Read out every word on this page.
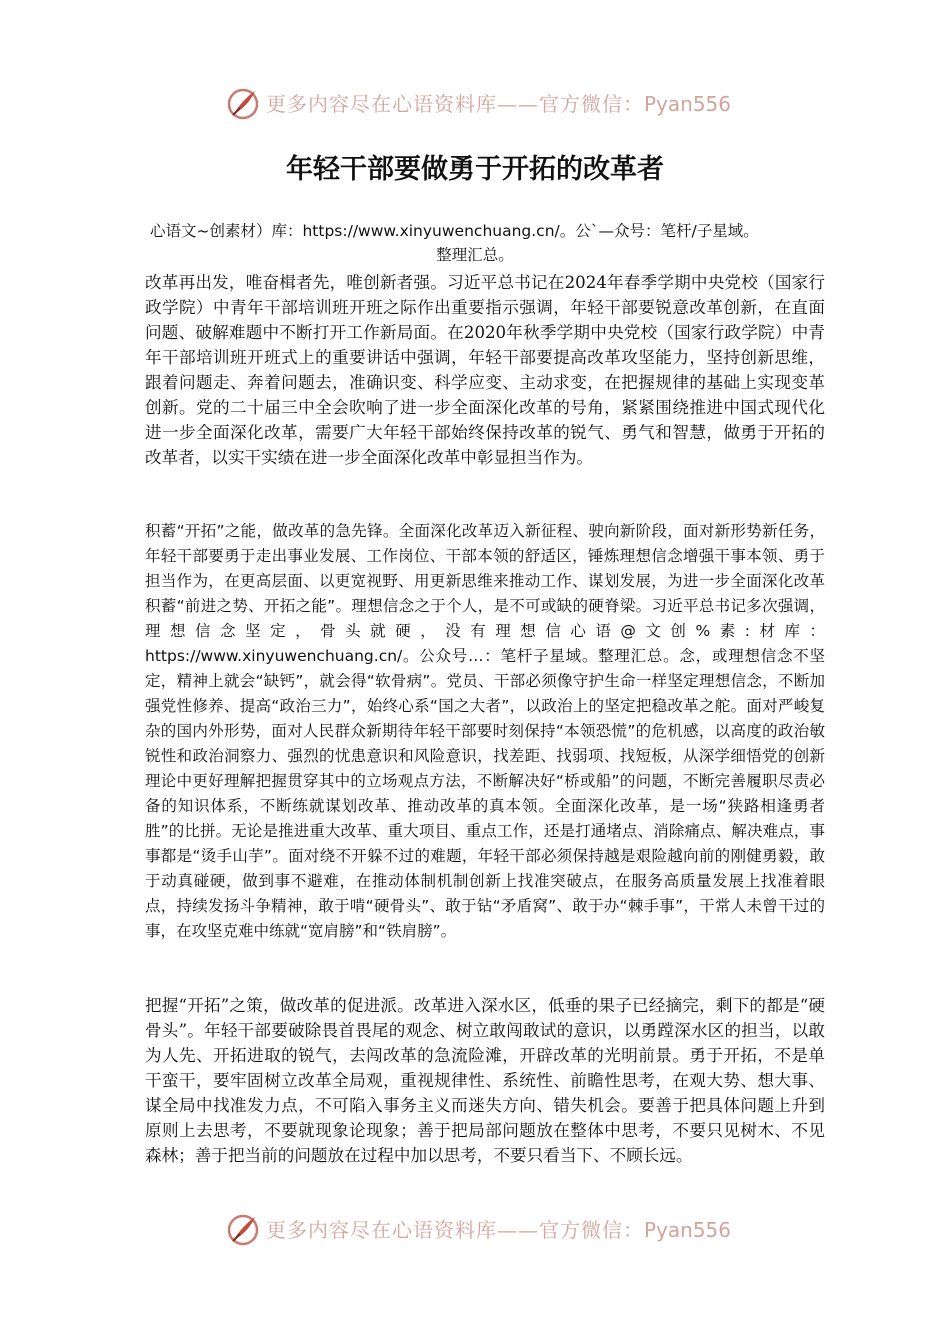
更多内容尽在心语资料库——官方微信：Pyan556
年轻干部要做勇于开拓的改革者
心语文~创素材）库：https://www.xinyuwenchuang.cn/。公`—众号：笔杆/子星域。
整理汇总。
改革再出发，唯奋楫者先，唯创新者强。习近平总书记在2024年春季学期中央党校（国家行政学院）中青年干部培训班开班之际作出重要指示强调，年轻干部要锐意改革创新，在直面问题、破解难题中不断打开工作新局面。在2020年秋季学期中央党校（国家行政学院）中青年干部培训班开班式上的重要讲话中强调，年轻干部要提高改革攻坚能力，坚持创新思维，跟着问题走、奔着问题去，准确识变、科学应变、主动求变，在把握规律的基础上实现变革创新。党的二十届三中全会吹响了进一步全面深化改革的号角，紧紧围绕推进中国式现代化进一步全面深化改革，需要广大年轻干部始终保持改革的锐气、勇气和智慧，做勇于开拓的改革者，以实干实绩在进一步全面深化改革中彰显担当作为。
积蓄“开拓”之能，做改革的急先锋。全面深化改革迈入新征程、驶向新阶段，面对新形势新任务，年轻干部要勇于走出事业发展、工作岗位、干部本领的舒适区，锤炼理想信念增强干事本领、勇于担当作为，在更高层面、以更宽视野、用更新思维来推动工作、谋划发展，为进一步全面深化改革积蓄“前进之势、开拓之能”。理想信念之于个人，是不可或缺的硬脊梁。习近平总书记多次强调，理想信念坚定，骨头就硬，没有理想信心语@文创%素:材库：https://www.xinyuwenchuang.cn/。公众号…：笔杆子星域。整理汇总。念，或理想信念不坚定，精神上就会“缺钙”，就会得“软骨病”。党员、干部必须像守护生命一样坚定理想信念，不断加强党性修养、提高“政治三力”，始终心系“国之大者”，以政治上的坚定把稳改革之舵。面对严峻复杂的国内外形势，面对人民群众新期待年轻干部要时刻保持“本领恐慌”的危机感，以高度的政治敏锐性和政治洞察力、强烈的忧患意识和风险意识，找差距、找弱项、找短板，从深学细悟党的创新理论中更好理解把握贯穿其中的立场观点方法，不断解决好“桥或船”的问题，不断完善履职尽责必备的知识体系，不断练就谋划改革、推动改革的真本领。全面深化改革，是一场“狭路相逢勇者胜”的比拼。无论是推进重大改革、重大项目、重点工作，还是打通堵点、消除痛点、解决难点，事事都是“烫手山芋”。面对绕不开躲不过的难题，年轻干部必须保持越是艰险越向前的刚健勇毅，敢于动真碰硬，做到事不避难，在推动体制机制创新上找准突破点，在服务高质量发展上找准着眼点，持续发扬斗争精神，敢于啃“硬骨头”、敢于钻“矛盾窝”、敢于办“棘手事”，干常人未曾干过的事，在攻坚克难中练就“宽肩膀”和“铁肩膀”。
把握“开拓”之策，做改革的促进派。改革进入深水区，低垂的果子已经摘完，剩下的都是“硬骨头”。年轻干部要破除畏首畏尾的观念、树立敢闯敢试的意识，以勇蹚深水区的担当，以敢为人先、开拓进取的锐气，去闯改革的急流险滩，开辟改革的光明前景。勇于开拓，不是单干蛮干，要牢固树立改革全局观，重视规律性、系统性、前瞻性思考，在观大势、想大事、谋全局中找准发力点，不可陷入事务主义而迷失方向、错失机会。要善于把具体问题上升到原则上去思考，不要就现象论现象；善于把局部问题放在整体中思考，不要只见树木、不见森林；善于把当前的问题放在过程中加以思考，不要只看当下、不顾长远。
更多内容尽在心语资料库——官方微信：Pyan556
